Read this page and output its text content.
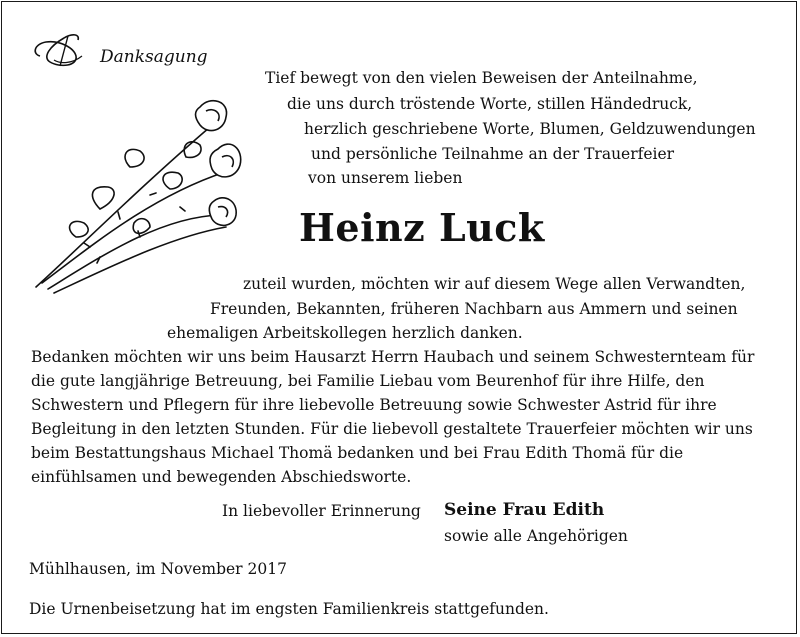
Danksagung
Tief bewegt von den vielen Beweisen der Anteilnahme,
die uns durch tröstende Worte, stillen Händedruck,
herzlich geschriebene Worte, Blumen, Geldzuwendungen
und persönliche Teilnahme an der Trauerfeier
von unserem lieben
Heinz Luck
zuteil wurden, möchten wir auf diesem Wege allen Verwandten,
Freunden, Bekannten, früheren Nachbarn aus Ammern und seinen
ehemaligen Arbeitskollegen herzlich danken.
Bedanken möchten wir uns beim Hausarzt Herrn Haubach und seinem Schwesternteam für
die gute langjährige Betreuung, bei Familie Liebau vom Beurenhof für ihre Hilfe, den
Schwestern und Pflegern für ihre liebevolle Betreuung sowie Schwester Astrid für ihre
Begleitung in den letzten Stunden. Für die liebevoll gestaltete Trauerfeier möchten wir uns
beim Bestattungshaus Michael Thomä bedanken und bei Frau Edith Thomä für die
einfühlsamen und bewegenden Abschiedsworte.
In liebevoller Erinnerung Seine Frau Edith
sowie alle Angehörigen
Mühlhausen, im November 2017
Die Urnenbeisetzung hat im engsten Familienkreis stattgefunden.
